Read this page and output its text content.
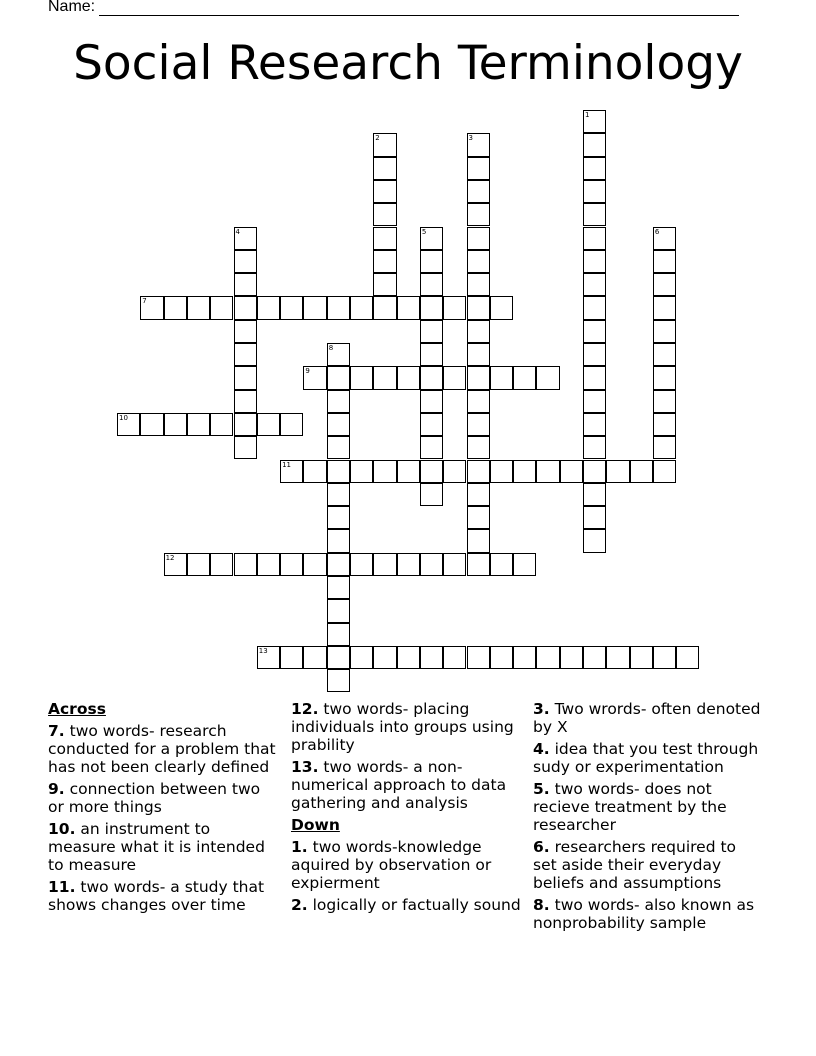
Name:
Social Research Terminology
1
2	3
4	5	6
7
8
9
10
11
12
13
Across
7. two words- research conducted for a problem that has not been clearly defined
9. connection between two or more things
10. an instrument to measure what it is intended to measure
11. two words- a study that shows changes over time
12. two words- placing individuals into groups using prability
13. two words- a non-numerical approach to data gathering and analysis
Down
1. two words-knowledge aquired by observation or expierment
2. logically or factually sound
3. Two wrords- often denoted by X
4. idea that you test through sudy or experimentation
5. two words- does not recieve treatment by the researcher
6. researchers required to set aside their everyday beliefs and assumptions
8. two words- also known as nonprobability sample
